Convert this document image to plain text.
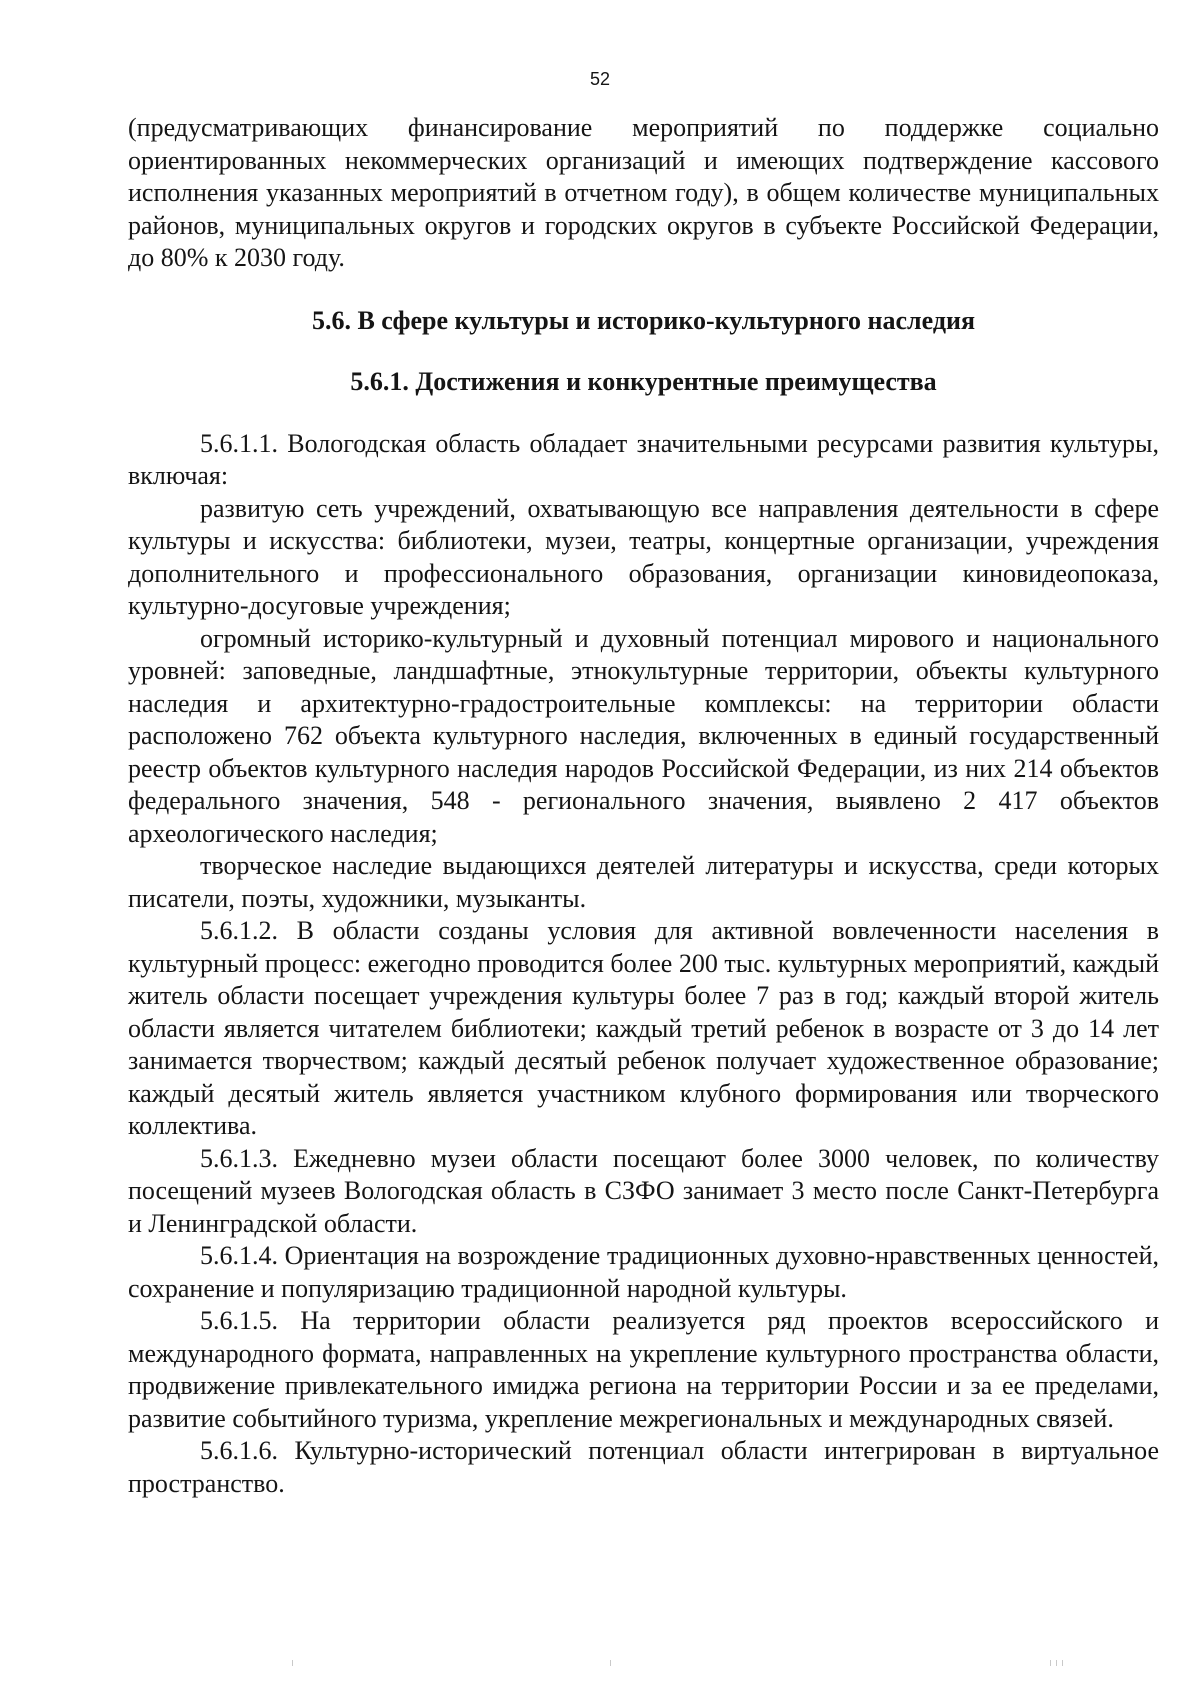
52

(предусматривающих финансирование мероприятий по поддержке социально ориентированных некоммерческих организаций и имеющих подтверждение кассового исполнения указанных мероприятий в отчетном году), в общем количестве муниципальных районов, муниципальных округов и городских округов в субъекте Российской Федерации, до 80% к 2030 году.

5.6. В сфере культуры и историко-культурного наследия
5.6.1. Достижения и конкурентные преимущества

5.6.1.1. Вологодская область обладает значительными ресурсами развития культуры, включая:

развитую сеть учреждений, охватывающую все направления деятельности в сфере культуры и искусства: библиотеки, музеи, театры, концертные организации, учреждения дополнительного и профессионального образования, организации киновидеопоказа, культурно-досуговые учреждения;

огромный историко-культурный и духовный потенциал мирового и национального уровней: заповедные, ландшафтные, этнокультурные территории, объекты культурного наследия и архитектурно-градостроительные комплексы: на территории области расположено 762 объекта культурного наследия, включенных в единый государственный реестр объектов культурного наследия народов Российской Федерации, из них 214 объектов федерального значения, 548 - регионального значения, выявлено 2 417 объектов археологического наследия;

творческое наследие выдающихся деятелей литературы и искусства, среди которых писатели, поэты, художники, музыканты.

5.6.1.2. В области созданы условия для активной вовлеченности населения в культурный процесс: ежегодно проводится более 200 тыс. культурных мероприятий, каждый житель области посещает учреждения культуры более 7 раз в год; каждый второй житель области является читателем библиотеки; каждый третий ребенок в возрасте от 3 до 14 лет занимается творчеством; каждый десятый ребенок получает художественное образование; каждый десятый житель является участником клубного формирования или творческого коллектива.

5.6.1.3. Ежедневно музеи области посещают более 3000 человек, по количеству посещений музеев Вологодская область в СЗФО занимает 3 место после Санкт-Петербурга и Ленинградской области.

5.6.1.4. Ориентация на возрождение традиционных духовно-нравственных ценностей, сохранение и популяризацию традиционной народной культуры.

5.6.1.5. На территории области реализуется ряд проектов всероссийского и международного формата, направленных на укрепление культурного пространства области, продвижение привлекательного имиджа региона на территории России и за ее пределами, развитие событийного туризма, укрепление межрегиональных и международных связей.

5.6.1.6. Культурно-исторический потенциал области интегрирован в виртуальное пространство.
